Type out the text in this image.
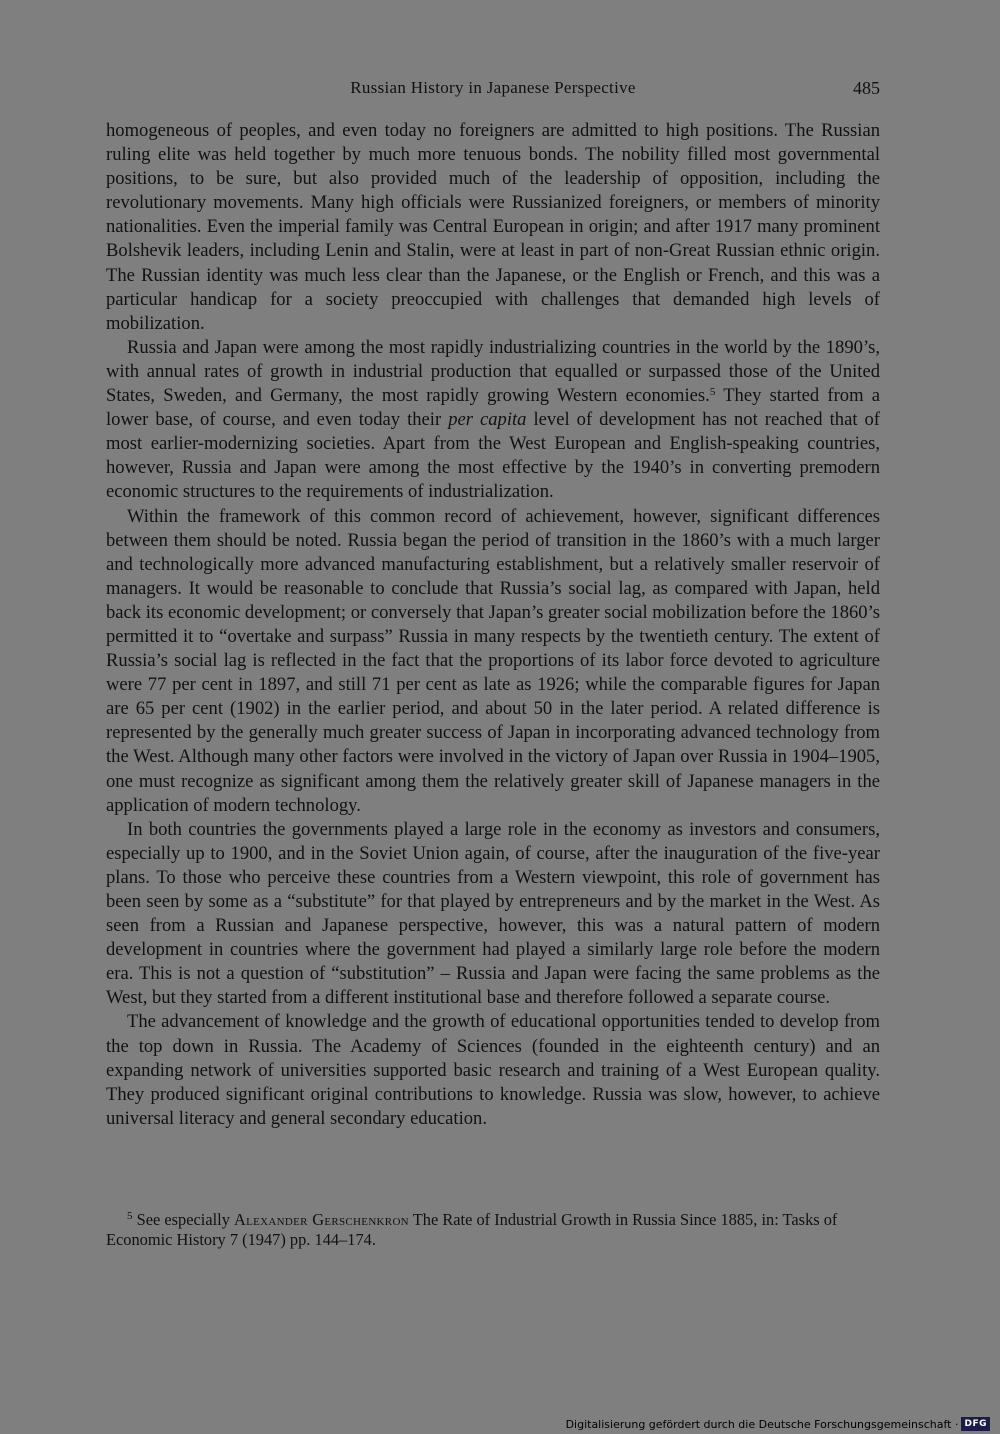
Russian History in Japanese Perspective	485

homogeneous of peoples, and even today no foreigners are admitted to high positions. The Russian ruling elite was held together by much more tenuous bonds. The nobility filled most governmental positions, to be sure, but also provided much of the leadership of opposition, including the revolutionary movements. Many high officials were Russianized foreigners, or members of minority nationalities. Even the imperial family was Central European in origin; and after 1917 many prominent Bolshevik leaders, including Lenin and Stalin, were at least in part of non-Great Russian ethnic origin. The Russian identity was much less clear than the Japanese, or the English or French, and this was a particular handicap for a society preoccupied with challenges that demanded high levels of mobilization.

Russia and Japan were among the most rapidly industrializing countries in the world by the 1890’s, with annual rates of growth in industrial production that equalled or surpassed those of the United States, Sweden, and Germany, the most rapidly growing Western economies.$^5$ They started from a lower base, of course, and even today their per capita level of development has not reached that of most earlier-modernizing societies. Apart from the West European and English-speaking countries, however, Russia and Japan were among the most effective by the 1940’s in converting premodern economic structures to the requirements of industrialization.

Within the framework of this common record of achievement, however, significant differences between them should be noted. Russia began the period of transition in the 1860’s with a much larger and technologically more advanced manufacturing establishment, but a relatively smaller reservoir of managers. It would be reasonable to conclude that Russia’s social lag, as compared with Japan, held back its economic development; or conversely that Japan’s greater social mobilization before the 1860’s permitted it to “overtake and surpass” Russia in many respects by the twentieth century. The extent of Russia’s social lag is reflected in the fact that the proportions of its labor force devoted to agriculture were 77 per cent in 1897, and still 71 per cent as late as 1926; while the comparable figures for Japan are 65 per cent (1902) in the earlier period, and about 50 in the later period. A related difference is represented by the generally much greater success of Japan in incorporating advanced technology from the West. Although many other factors were involved in the victory of Japan over Russia in 1904–1905, one must recognize as significant among them the relatively greater skill of Japanese managers in the application of modern technology.

In both countries the governments played a large role in the economy as investors and consumers, especially up to 1900, and in the Soviet Union again, of course, after the inauguration of the five-year plans. To those who perceive these countries from a Western viewpoint, this role of government has been seen by some as a “substitute” for that played by entrepreneurs and by the market in the West. As seen from a Russian and Japanese perspective, however, this was a natural pattern of modern development in countries where the government had played a similarly large role before the modern era. This is not a question of “substitution” – Russia and Japan were facing the same problems as the West, but they started from a different institutional base and therefore followed a separate course.

The advancement of knowledge and the growth of educational opportunities tended to develop from the top down in Russia. The Academy of Sciences (founded in the eighteenth century) and an expanding network of universities supported basic research and training of a West European quality. They produced significant original contributions to knowledge. Russia was slow, however, to achieve universal literacy and general secondary education.

$^5$ See especially Alexander Gerschenkron The Rate of Industrial Growth in Russia Since 1885, in: Tasks of Economic History 7 (1947) pp. 144–174.
Digitalisierung gefördert durch die Deutsche Forschungsgemeinschaft · DFG
